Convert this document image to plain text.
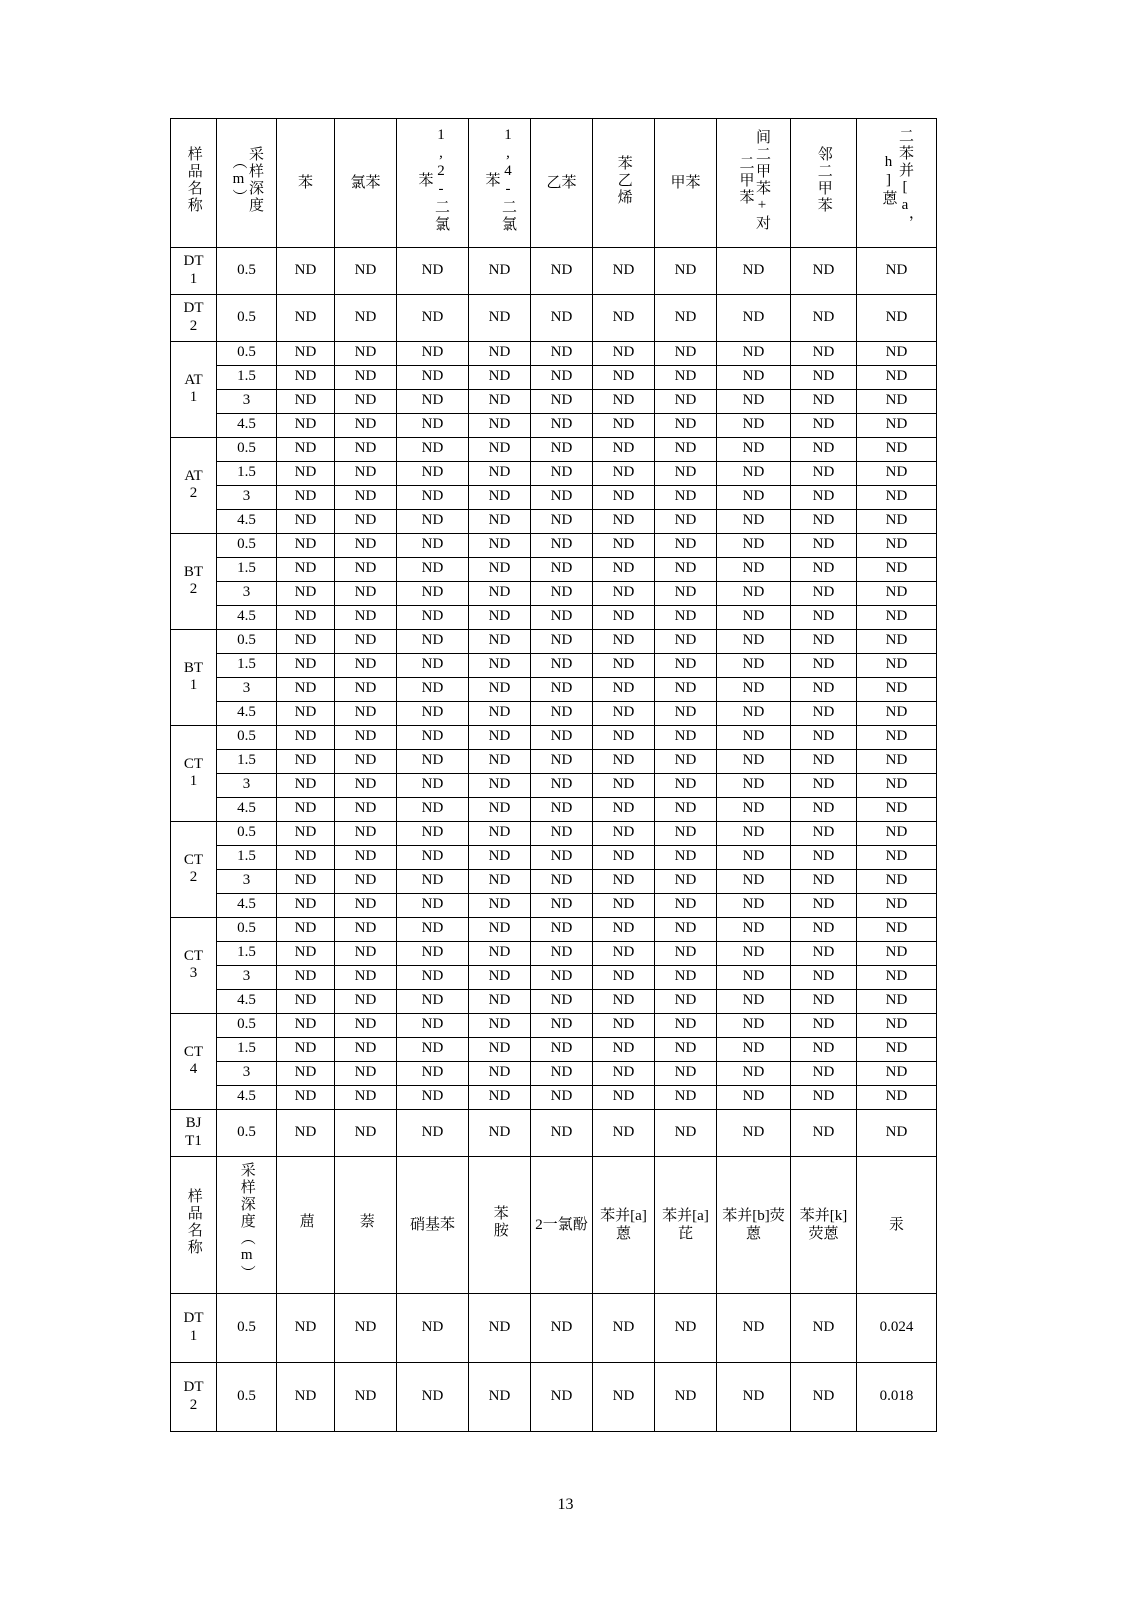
样品名称	采样深度（m）	苯	氯苯	1,2-二氯苯	1,4-二氯苯	乙苯	苯乙烯	甲苯	间二甲苯+对二甲苯	邻二甲苯	二苯并[a，h]蒽

DT
1	0.5	ND	ND	ND	ND	ND	ND	ND	ND	ND	ND

DT
2	0.5	ND	ND	ND	ND	ND	ND	ND	ND	ND	ND

AT
1	0.5	ND	ND	ND	ND	ND	ND	ND	ND	ND	ND
	1.5	ND	ND	ND	ND	ND	ND	ND	ND	ND	ND
	3	ND	ND	ND	ND	ND	ND	ND	ND	ND	ND
	4.5	ND	ND	ND	ND	ND	ND	ND	ND	ND	ND

AT
2	0.5	ND	ND	ND	ND	ND	ND	ND	ND	ND	ND
	1.5	ND	ND	ND	ND	ND	ND	ND	ND	ND	ND
	3	ND	ND	ND	ND	ND	ND	ND	ND	ND	ND
	4.5	ND	ND	ND	ND	ND	ND	ND	ND	ND	ND

BT
2	0.5	ND	ND	ND	ND	ND	ND	ND	ND	ND	ND
	1.5	ND	ND	ND	ND	ND	ND	ND	ND	ND	ND
	3	ND	ND	ND	ND	ND	ND	ND	ND	ND	ND
	4.5	ND	ND	ND	ND	ND	ND	ND	ND	ND	ND

BT
1	0.5	ND	ND	ND	ND	ND	ND	ND	ND	ND	ND
	1.5	ND	ND	ND	ND	ND	ND	ND	ND	ND	ND
	3	ND	ND	ND	ND	ND	ND	ND	ND	ND	ND
	4.5	ND	ND	ND	ND	ND	ND	ND	ND	ND	ND

CT
1	0.5	ND	ND	ND	ND	ND	ND	ND	ND	ND	ND
	1.5	ND	ND	ND	ND	ND	ND	ND	ND	ND	ND
	3	ND	ND	ND	ND	ND	ND	ND	ND	ND	ND
	4.5	ND	ND	ND	ND	ND	ND	ND	ND	ND	ND

CT
2	0.5	ND	ND	ND	ND	ND	ND	ND	ND	ND	ND
	1.5	ND	ND	ND	ND	ND	ND	ND	ND	ND	ND
	3	ND	ND	ND	ND	ND	ND	ND	ND	ND	ND
	4.5	ND	ND	ND	ND	ND	ND	ND	ND	ND	ND

CT
3	0.5	ND	ND	ND	ND	ND	ND	ND	ND	ND	ND
	1.5	ND	ND	ND	ND	ND	ND	ND	ND	ND	ND
	3	ND	ND	ND	ND	ND	ND	ND	ND	ND	ND
	4.5	ND	ND	ND	ND	ND	ND	ND	ND	ND	ND

CT
4	0.5	ND	ND	ND	ND	ND	ND	ND	ND	ND	ND
	1.5	ND	ND	ND	ND	ND	ND	ND	ND	ND	ND
	3	ND	ND	ND	ND	ND	ND	ND	ND	ND	ND
	4.5	ND	ND	ND	ND	ND	ND	ND	ND	ND	ND

BJ
T1	0.5	ND	ND	ND	ND	ND	ND	ND	ND	ND	ND
样品名称	采样深度（m）	䓛	萘	硝基苯	苯胺	2一氯酚	苯并[a]蒽	苯并[a]芘	苯并[b]荧蒽	苯并[k]荧蒽	汞

DT
1	0.5	ND	ND	ND	ND	ND	ND	ND	ND	ND	0.024

DT
2	0.5	ND	ND	ND	ND	ND	ND	ND	ND	ND	0.018
13
